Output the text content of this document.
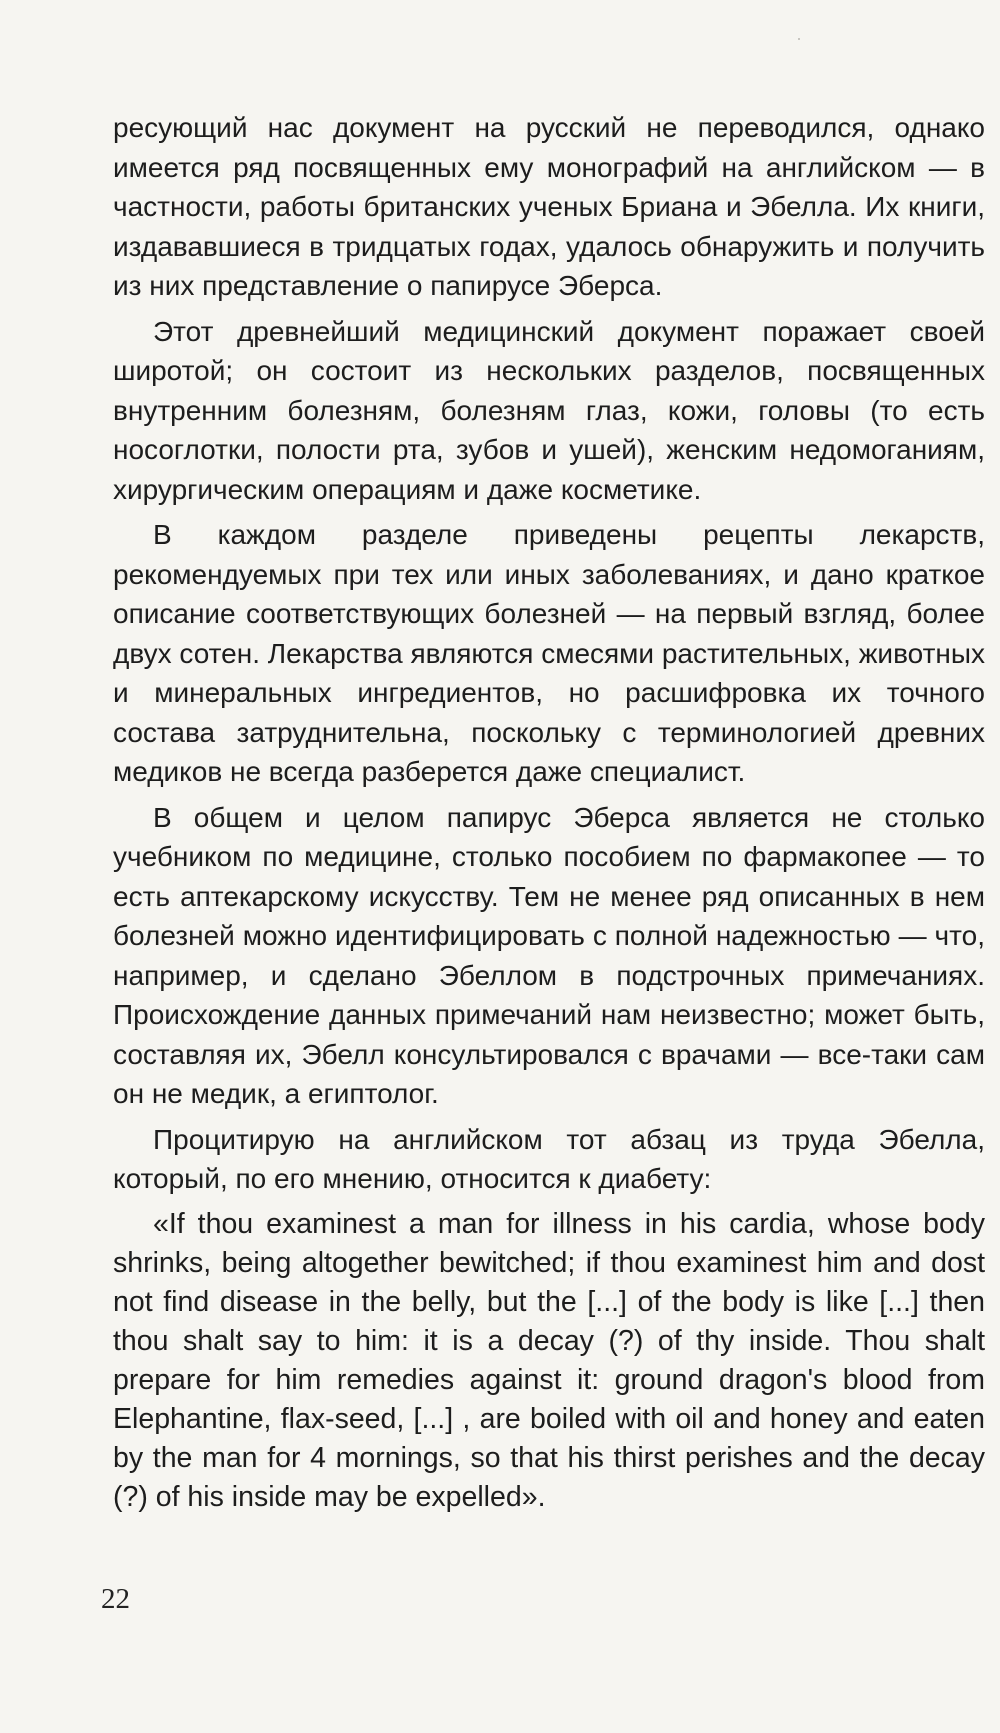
ресующий нас документ на русский не переводился, однако имеется ряд посвященных ему монографий на английском — в частности, работы британских ученых Бриана и Эбелла. Их книги, издававшиеся в тридцатых годах, удалось обнаружить и получить из них представление о папирусе Эберса.

Этот древнейший медицинский документ поражает своей широтой; он состоит из нескольких разделов, посвященных внутренним болезням, болезням глаз, кожи, головы (то есть носоглотки, полости рта, зубов и ушей), женским недомоганиям, хирургическим операциям и даже косметике.

В каждом разделе приведены рецепты лекарств, рекомендуемых при тех или иных заболеваниях, и дано краткое описание соответствующих болезней — на первый взгляд, более двух сотен. Лекарства являются смесями растительных, животных и минеральных ингредиентов, но расшифровка их точного состава затруднительна, поскольку с терминологией древних медиков не всегда разберется даже специалист.

В общем и целом папирус Эберса является не столько учебником по медицине, столько пособием по фармакопее — то есть аптекарскому искусству. Тем не менее ряд описанных в нем болезней можно идентифицировать с полной надежностью — что, например, и сделано Эбеллом в подстрочных примечаниях. Происхождение данных примечаний нам неизвестно; может быть, составляя их, Эбелл консультировался с врачами — все-таки сам он не медик, а египтолог.

Процитирую на английском тот абзац из труда Эбелла, который, по его мнению, относится к диабету:

«If thou examinest a man for illness in his cardia, whose body shrinks, being altogether bewitched; if thou examinest him and dost not find disease in the belly, but the [...] of the body is like [...] then thou shalt say to him: it is a decay (?) of thy inside. Thou shalt prepare for him remedies against it: ground dragon's blood from Elephantine, flax-seed, [...] , are boiled with oil and honey and eaten by the man for 4 mornings, so that his thirst perishes and the decay (?) of his inside may be expelled».

22
